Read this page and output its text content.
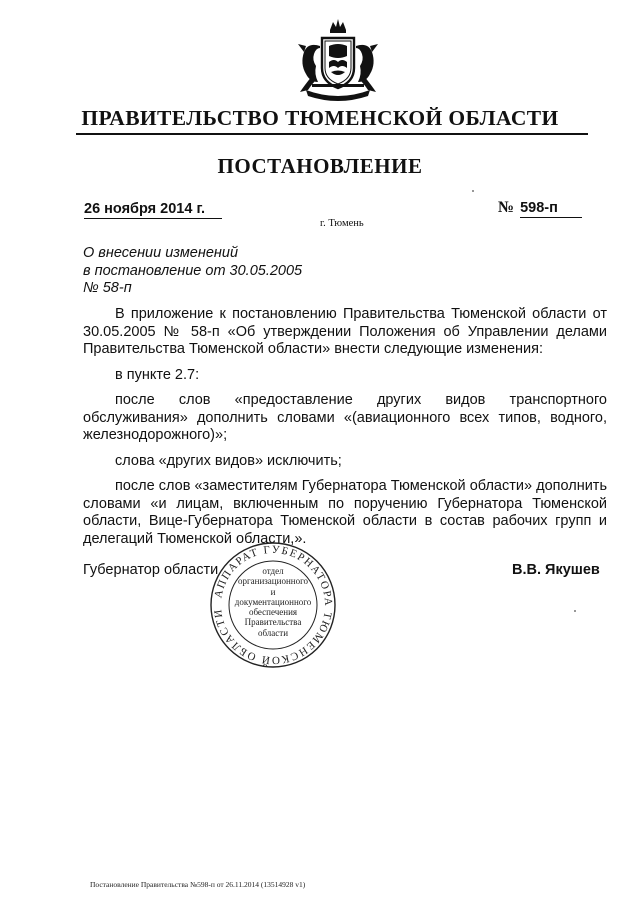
ПРАВИТЕЛЬСТВО ТЮМЕНСКОЙ ОБЛАСТИ
ПОСТАНОВЛЕНИЕ
26 ноября 2014 г.	№ 598-п
г. Тюмень
О внесении изменений
в постановление от 30.05.2005
№ 58-п

В приложение к постановлению Правительства Тюменской области от 30.05.2005 № 58-п «Об утверждении Положения об Управлении делами Правительства Тюменской области» внести следующие изменения:

в пункте 2.7:

после слов «предоставление других видов транспортного обслуживания» дополнить словами «(авиационного всех типов, водного, железнодорожного)»;

слова «других видов» исключить;

после слов «заместителям Губернатора Тюменской области» дополнить словами «и лицам, включенным по поручению Губернатора Тюменской области, Вице-Губернатора Тюменской области в состав рабочих групп и делегаций Тюменской области,».

Губернатор области	В.В. Якушев
АППАРАТ ГУБЕРНАТОРА ТЮМЕНСКОЙ ОБЛАСТИ
отдел
организационного
и
документационного
обеспечения
Правительства
области
Постановление Правительства №598-п от 26.11.2014 (13514928 v1)
